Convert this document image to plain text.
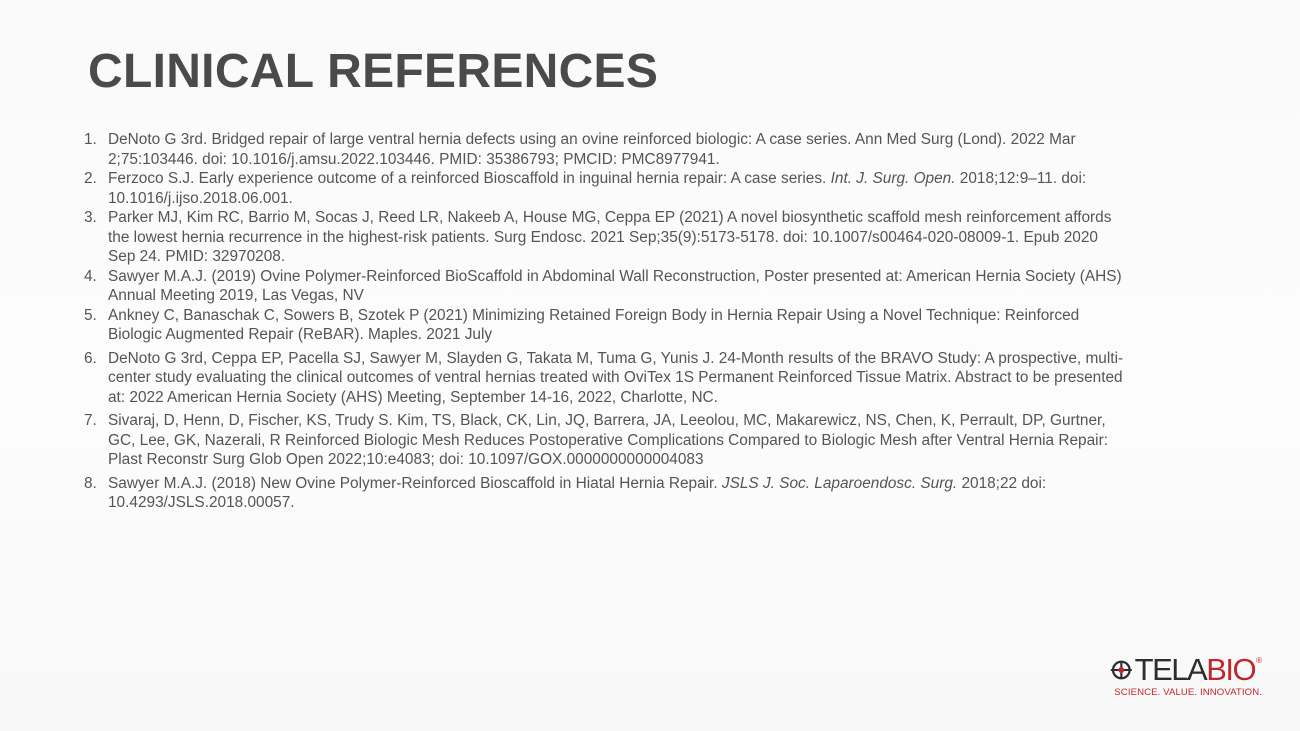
CLINICAL REFERENCES
1. DeNoto G 3rd. Bridged repair of large ventral hernia defects using an ovine reinforced biologic: A case series. Ann Med Surg (Lond). 2022 Mar 2;75:103446. doi: 10.1016/j.amsu.2022.103446. PMID: 35386793; PMCID: PMC8977941.
2. Ferzoco S.J. Early experience outcome of a reinforced Bioscaffold in inguinal hernia repair: A case series. Int. J. Surg. Open. 2018;12:9–11. doi: 10.1016/j.ijso.2018.06.001.
3. Parker MJ, Kim RC, Barrio M, Socas J, Reed LR, Nakeeb A, House MG, Ceppa EP (2021) A novel biosynthetic scaffold mesh reinforcement affords the lowest hernia recurrence in the highest-risk patients. Surg Endosc. 2021 Sep;35(9):5173-5178. doi: 10.1007/s00464-020-08009-1. Epub 2020 Sep 24. PMID: 32970208.
4. Sawyer M.A.J. (2019) Ovine Polymer-Reinforced BioScaffold in Abdominal Wall Reconstruction, Poster presented at: American Hernia Society (AHS) Annual Meeting 2019, Las Vegas, NV
5. Ankney C, Banaschak C, Sowers B, Szotek P (2021) Minimizing Retained Foreign Body in Hernia Repair Using a Novel Technique: Reinforced Biologic Augmented Repair (ReBAR). Maples. 2021 July
6. DeNoto G 3rd, Ceppa EP, Pacella SJ, Sawyer M, Slayden G, Takata M, Tuma G, Yunis J. 24-Month results of the BRAVO Study: A prospective, multi-center study evaluating the clinical outcomes of ventral hernias treated with OviTex 1S Permanent Reinforced Tissue Matrix. Abstract to be presented at: 2022 American Hernia Society (AHS) Meeting, September 14-16, 2022, Charlotte, NC.
7. Sivaraj, D, Henn, D, Fischer, KS, Trudy S. Kim, TS, Black, CK, Lin, JQ, Barrera, JA, Leeolou, MC, Makarewicz, NS, Chen, K, Perrault, DP, Gurtner, GC, Lee, GK, Nazerali, R Reinforced Biologic Mesh Reduces Postoperative Complications Compared to Biologic Mesh after Ventral Hernia Repair: Plast Reconstr Surg Glob Open 2022;10:e4083; doi: 10.1097/GOX.0000000000004083
8. Sawyer M.A.J. (2018) New Ovine Polymer-Reinforced Bioscaffold in Hiatal Hernia Repair. JSLS J. Soc. Laparoendosc. Surg. 2018;22 doi: 10.4293/JSLS.2018.00057.
TELA BIO ®
SCIENCE. VALUE. INNOVATION.
